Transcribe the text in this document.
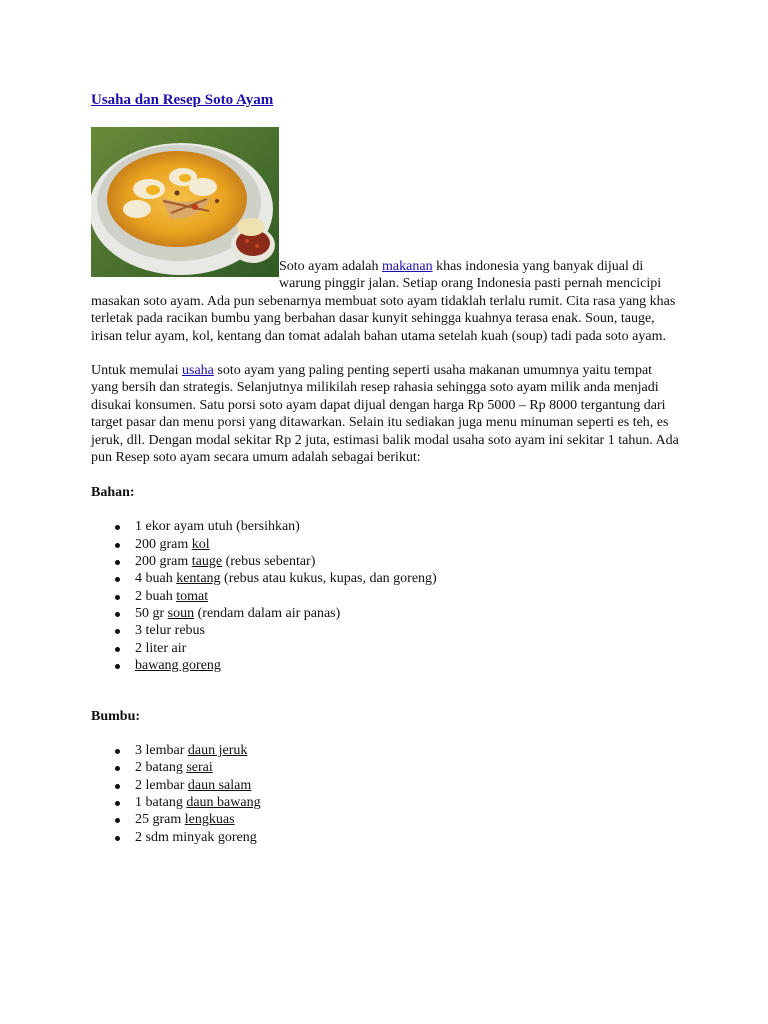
Usaha dan Resep Soto Ayam

Soto ayam adalah makanan khas indonesia yang banyak dijual di warung pinggir jalan. Setiap orang Indonesia pasti pernah mencicipi masakan soto ayam. Ada pun sebenarnya membuat soto ayam tidaklah terlalu rumit. Cita rasa yang khas terletak pada racikan bumbu yang berbahan dasar kunyit sehingga kuahnya terasa enak. Soun, tauge, irisan telur ayam, kol, kentang dan tomat adalah bahan utama setelah kuah (soup) tadi pada soto ayam.

Untuk memulai usaha soto ayam yang paling penting seperti usaha makanan umumnya yaitu tempat yang bersih dan strategis. Selanjutnya milikilah resep rahasia sehingga soto ayam milik anda menjadi disukai konsumen. Satu porsi soto ayam dapat dijual dengan harga Rp 5000 – Rp 8000 tergantung dari target pasar dan menu porsi yang ditawarkan. Selain itu sediakan juga menu minuman seperti es teh, es jeruk, dll. Dengan modal sekitar Rp 2 juta, estimasi balik modal usaha soto ayam ini sekitar 1 tahun. Ada pun Resep soto ayam secara umum adalah sebagai berikut:

Bahan:

1 ekor ayam utuh (bersihkan)
200 gram kol
200 gram tauge (rebus sebentar)
4 buah kentang (rebus atau kukus, kupas, dan goreng)
2 buah tomat
50 gr soun (rendam dalam air panas)
3 telur rebus
2 liter air
bawang goreng

Bumbu:

3 lembar daun jeruk
2 batang serai
2 lembar daun salam
1 batang daun bawang
25 gram lengkuas
2 sdm minyak goreng
